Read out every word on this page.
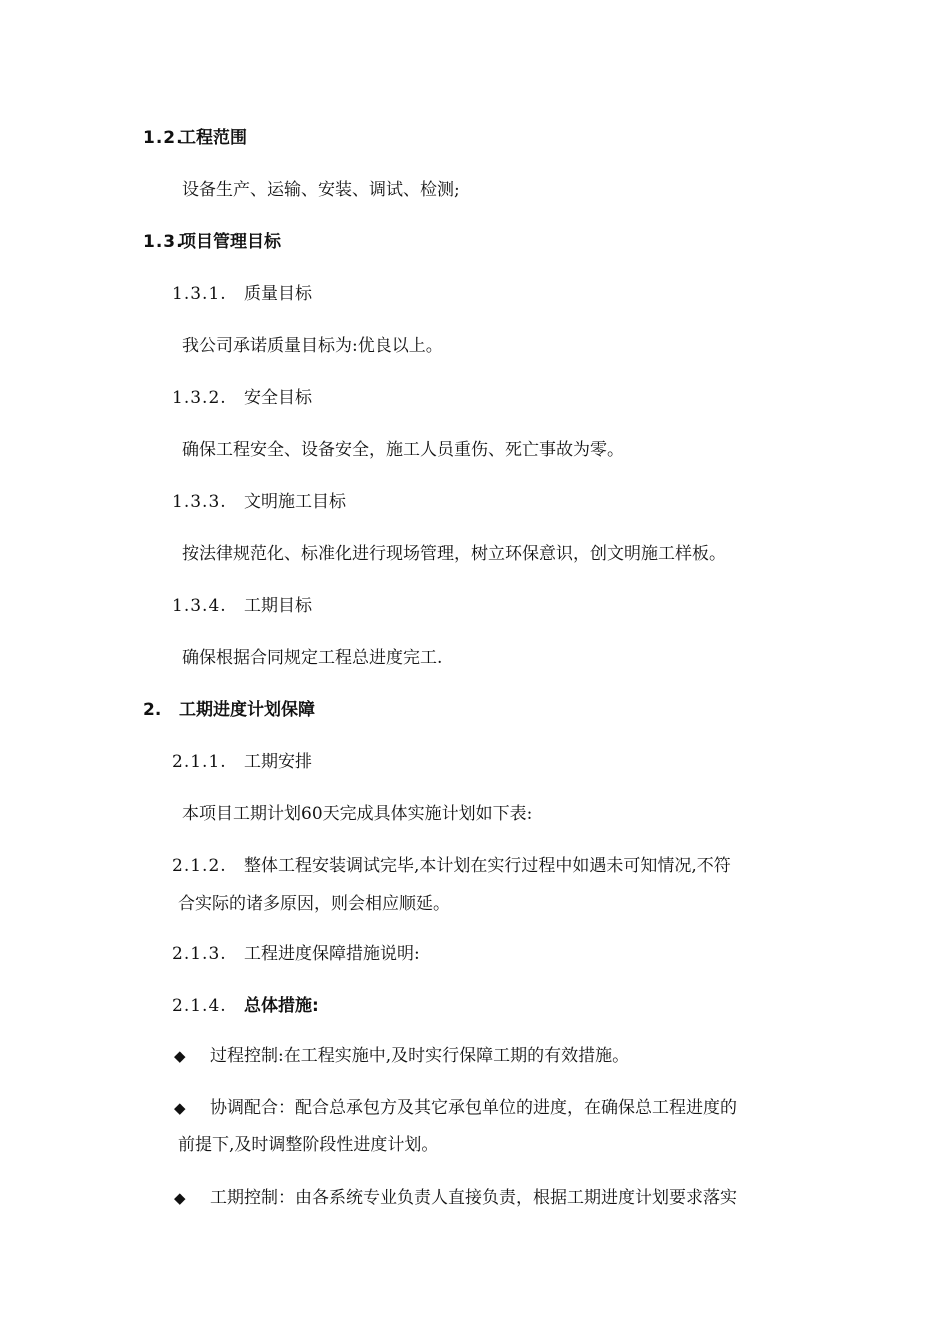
1.2.工程范围
设备生产、运输、安装、调试、检测;
1.3.项目管理目标
1.3.1. 质量目标
我公司承诺质量目标为:优良以上。
1.3.2. 安全目标
确保工程安全、设备安全，施工人员重伤、死亡事故为零。
1.3.3. 文明施工目标
按法律规范化、标准化进行现场管理，树立环保意识，创文明施工样板。
1.3.4. 工期目标
确保根据合同规定工程总进度完工.
2. 工期进度计划保障
2.1.1. 工期安排
本项目工期计划60天完成具体实施计划如下表:
2.1.2. 整体工程安装调试完毕,本计划在实行过程中如遇未可知情况,不符
合实际的诸多原因，则会相应顺延。
2.1.3. 工程进度保障措施说明:
2.1.4. 总体措施:
◆ 过程控制:在工程实施中,及时实行保障工期的有效措施。
◆ 协调配合：配合总承包方及其它承包单位的进度，在确保总工程进度的
前提下,及时调整阶段性进度计划。
◆ 工期控制：由各系统专业负责人直接负责，根据工期进度计划要求落实
